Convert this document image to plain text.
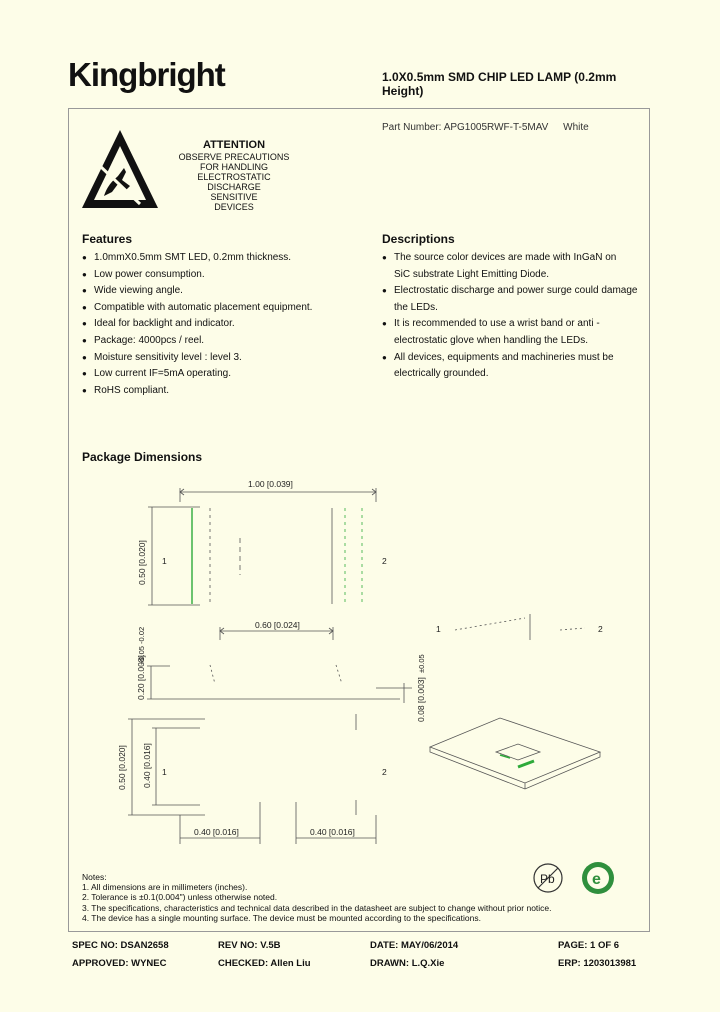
Kingbright	1.0X0.5mm SMD CHIP LED LAMP (0.2mm Height)
Part Number: APG1005RWF-T-5MAV White
ATTENTION
OBSERVE PRECAUTIONS
FOR HANDLING
ELECTROSTATIC
DISCHARGE
SENSITIVE
DEVICES
Features
● 1.0mmX0.5mm SMT LED, 0.2mm thickness.
● Low power consumption.
● Wide viewing angle.
● Compatible with automatic placement equipment.
● Ideal for backlight and indicator.
● Package: 4000pcs / reel.
● Moisture sensitivity level : level 3.
● Low current IF=5mA operating.
● RoHS compliant.
Descriptions
● The source color devices are made with InGaN on
SiC substrate Light Emitting Diode.
● Electrostatic discharge and power surge could damage
the LEDs.
● It is recommended to use a wrist band or anti -
electrostatic glove when handling the LEDs.
● All devices, equipments and machineries must be
electrically grounded.
Package Dimensions
1.00 [0.039]
0.50 [0.020] 1	2
0.60 [0.024]
0.20 [0.008]
+0.05 -0.02
0.08 [0.003]
±0.05
0.50 [0.020] 0.40 [0.016] 1	2
0.40 [0.016]	0.40 [0.016]
1	2
Pb e
Notes:
1. All dimensions are in millimeters (inches).
2. Tolerance is ±0.1(0.004") unless otherwise noted.
3. The specifications, characteristics and technical data described in the datasheet are subject to change without prior notice.
4. The device has a single mounting surface. The device must be mounted according to the specifications.
SPEC NO: DSAN2658	REV NO: V.5B	DATE: MAY/06/2014	PAGE: 1 OF 6
APPROVED: WYNEC	CHECKED: Allen Liu	DRAWN: L.Q.Xie	ERP: 1203013981
